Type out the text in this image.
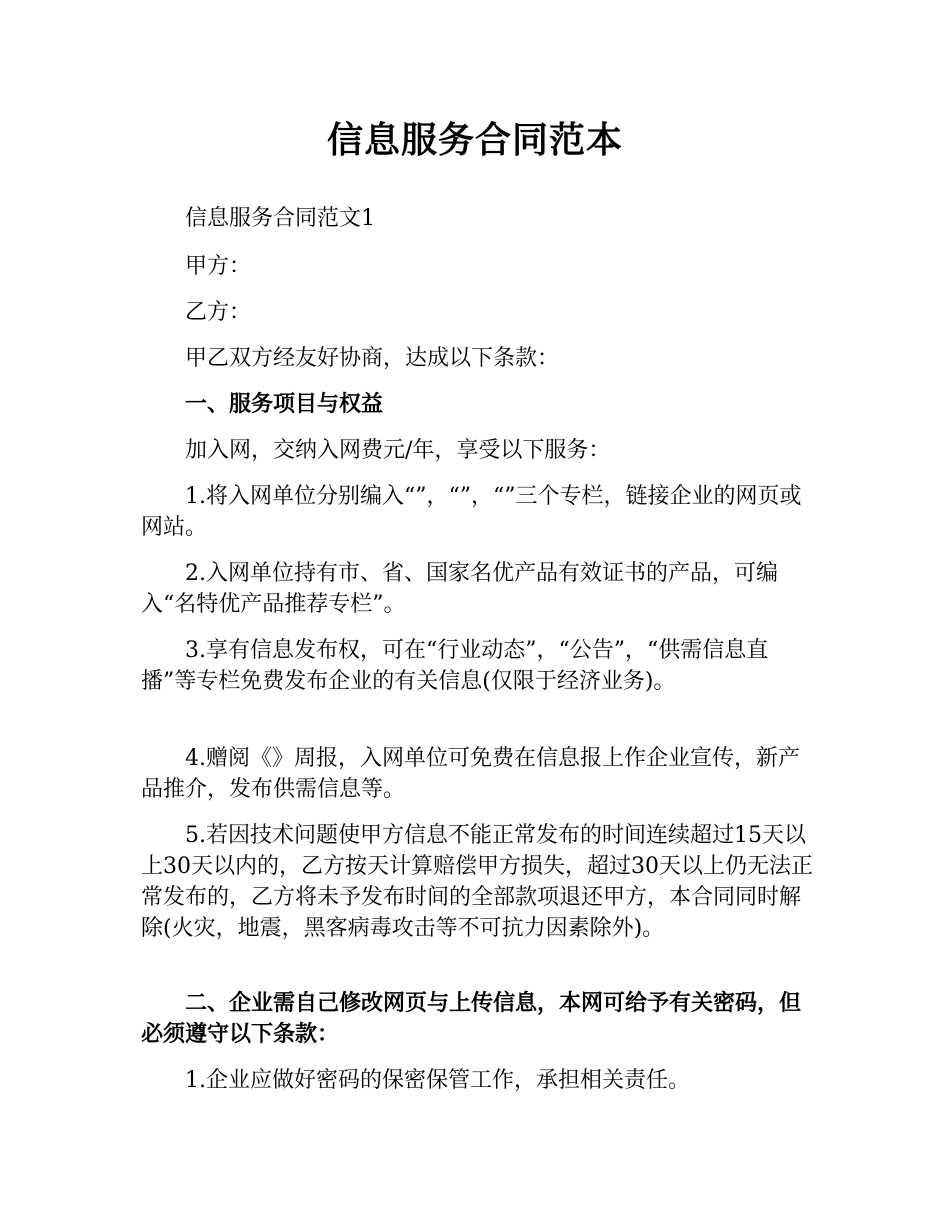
信息服务合同范本
信息服务合同范文1
甲方：
乙方：
甲乙双方经友好协商，达成以下条款：
一、服务项目与权益
加入网，交纳入网费元/年，享受以下服务：
1.将入网单位分别编入“”，“”，“”三个专栏，链接企业的网页或网站。
2.入网单位持有市、省、国家名优产品有效证书的产品，可编入“名特优产品推荐专栏”。
3.享有信息发布权，可在“行业动态”，“公告”，“供需信息直播”等专栏免费发布企业的有关信息(仅限于经济业务)。
4.赠阅《》周报，入网单位可免费在信息报上作企业宣传，新产品推介，发布供需信息等。
5.若因技术问题使甲方信息不能正常发布的时间连续超过15天以上30天以内的，乙方按天计算赔偿甲方损失，超过30天以上仍无法正常发布的，乙方将未予发布时间的全部款项退还甲方，本合同同时解除(火灾，地震，黑客病毒攻击等不可抗力因素除外)。
二、企业需自己修改网页与上传信息，本网可给予有关密码，但必须遵守以下条款：
1.企业应做好密码的保密保管工作，承担相关责任。
